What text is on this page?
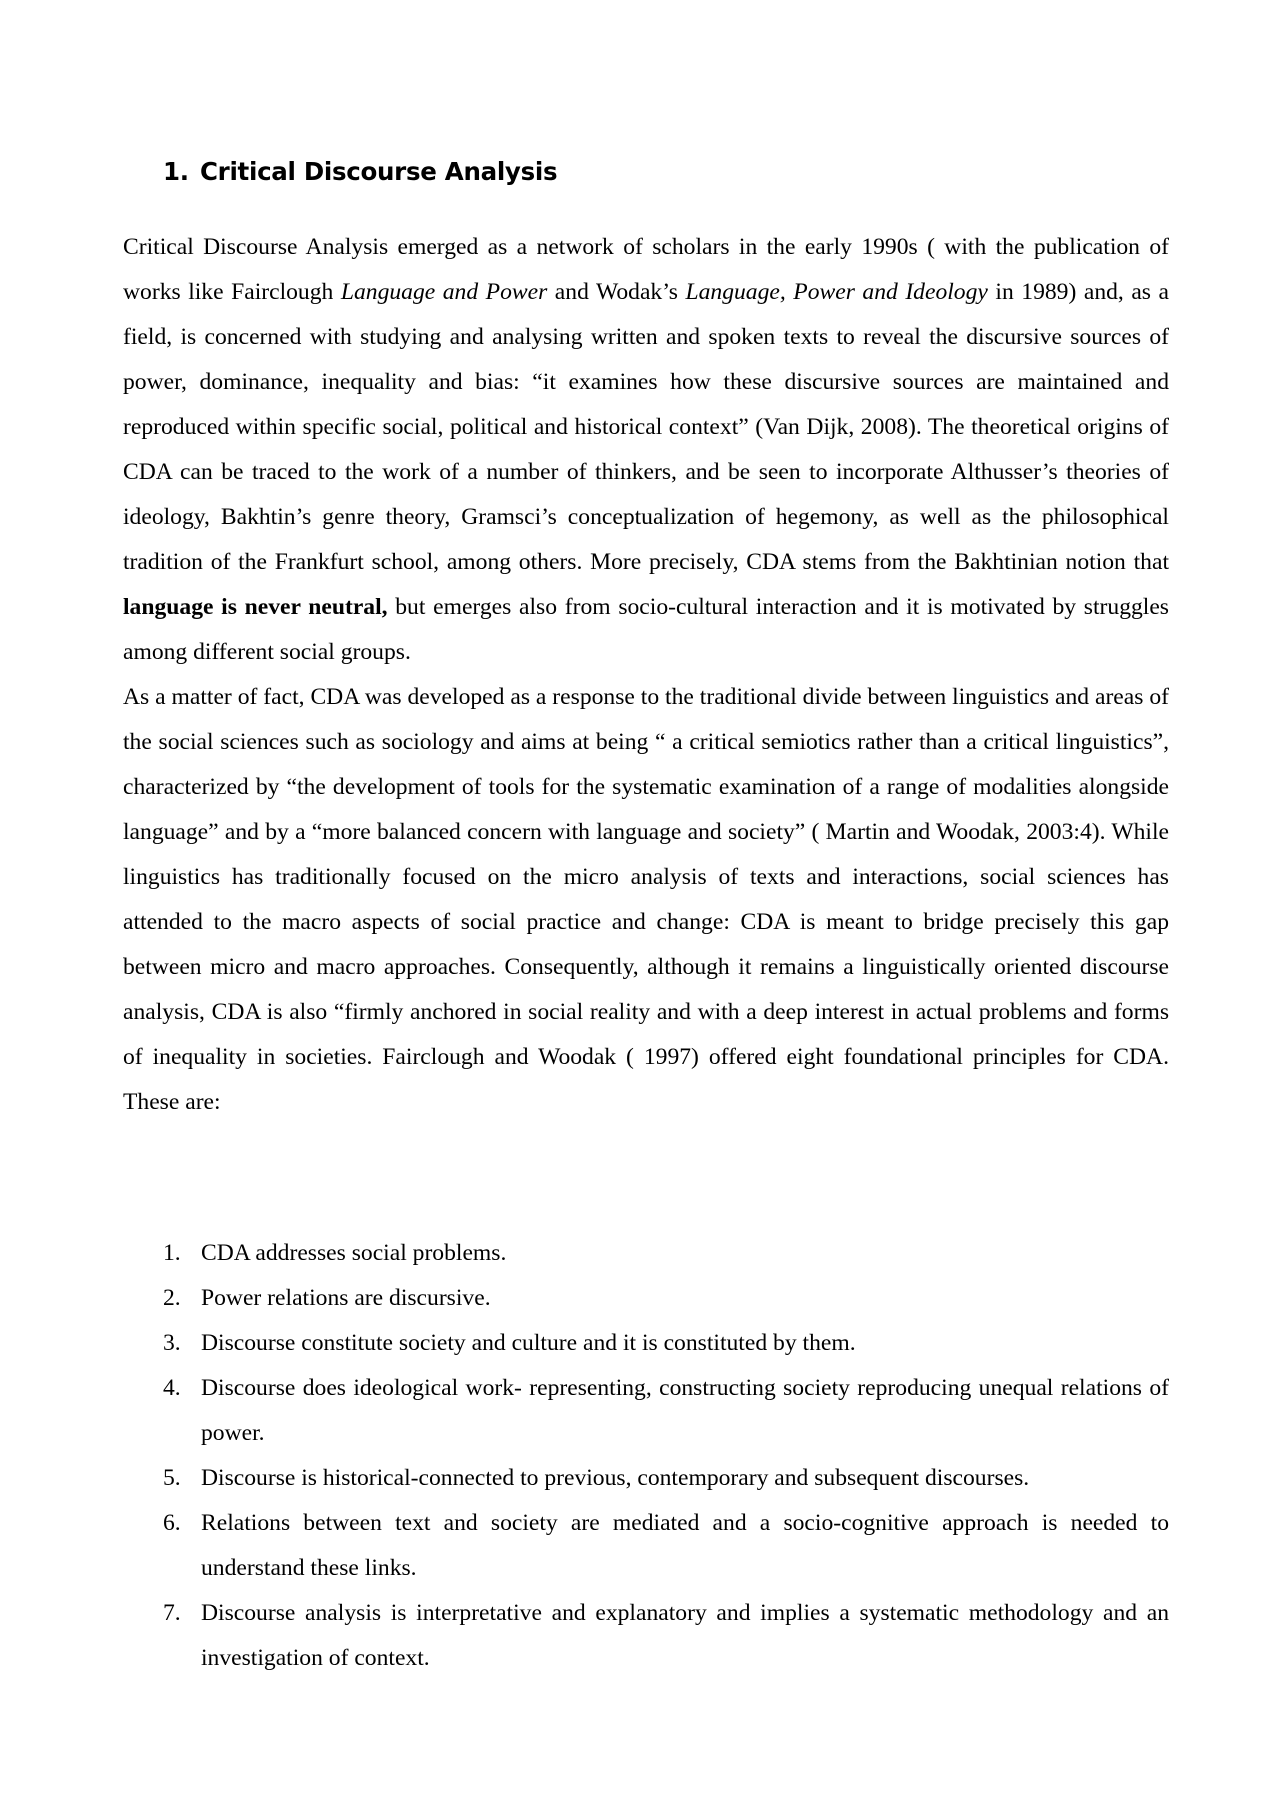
1. Critical Discourse Analysis

Critical Discourse Analysis emerged as a network of scholars in the early 1990s ( with the publication of works like Fairclough Language and Power and Wodak’s Language, Power and Ideology in 1989) and, as a field, is concerned with studying and analysing written and spoken texts to reveal the discursive sources of power, dominance, inequality and bias: “it examines how these discursive sources are maintained and reproduced within specific social, political and historical context” (Van Dijk, 2008). The theoretical origins of CDA can be traced to the work of a number of thinkers, and be seen to incorporate Althusser’s theories of ideology, Bakhtin’s genre theory, Gramsci’s conceptualization of hegemony, as well as the philosophical tradition of the Frankfurt school, among others. More precisely, CDA stems from the Bakhtinian notion that language is never neutral, but emerges also from socio-cultural interaction and it is motivated by struggles among different social groups.

As a matter of fact, CDA was developed as a response to the traditional divide between linguistics and areas of the social sciences such as sociology and aims at being “ a critical semiotics rather than a critical linguistics”, characterized by “the development of tools for the systematic examination of a range of modalities alongside language” and by a “more balanced concern with language and society” ( Martin and Woodak, 2003:4). While linguistics has traditionally focused on the micro analysis of texts and interactions, social sciences has attended to the macro aspects of social practice and change: CDA is meant to bridge precisely this gap between micro and macro approaches. Consequently, although it remains a linguistically oriented discourse analysis, CDA is also “firmly anchored in social reality and with a deep interest in actual problems and forms of inequality in societies. Fairclough and Woodak ( 1997) offered eight foundational principles for CDA. These are:

1. CDA addresses social problems.
2. Power relations are discursive.
3. Discourse constitute society and culture and it is constituted by them.
4. Discourse does ideological work- representing, constructing society reproducing unequal relations of power.
5. Discourse is historical-connected to previous, contemporary and subsequent discourses.
6. Relations between text and society are mediated and a socio-cognitive approach is needed to understand these links.
7. Discourse analysis is interpretative and explanatory and implies a systematic methodology and an investigation of context.
